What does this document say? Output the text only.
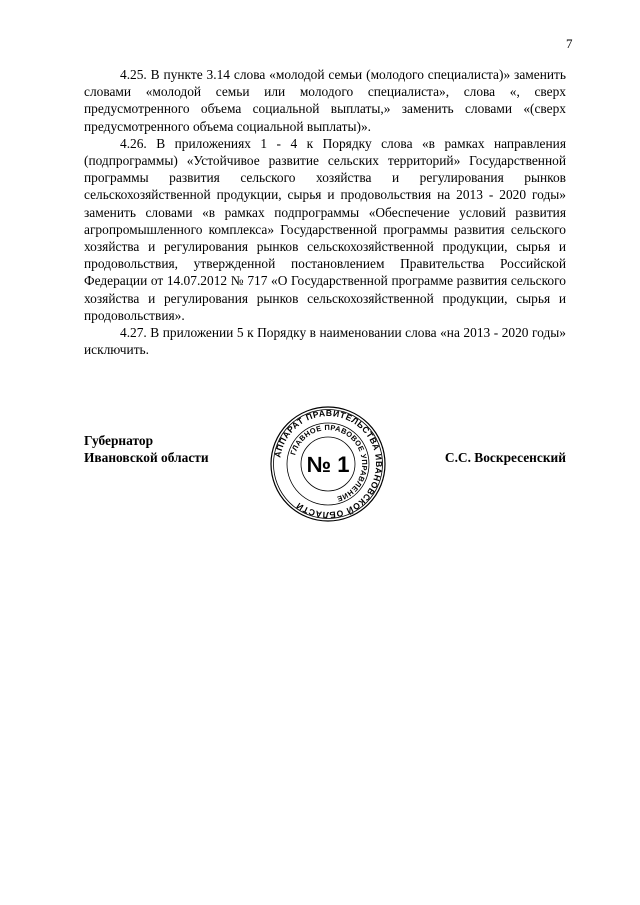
7

4.25. В пункте 3.14 слова «молодой семьи (молодого специалиста)» заменить словами «молодой семьи или молодого специалиста», слова «, сверх предусмотренного объема социальной выплаты,» заменить словами «(сверх предусмотренного объема социальной выплаты)».

4.26. В приложениях 1 - 4 к Порядку слова «в рамках направления (подпрограммы) «Устойчивое развитие сельских территорий» Государственной программы развития сельского хозяйства и регулирования рынков сельскохозяйственной продукции, сырья и продовольствия на 2013 - 2020 годы» заменить словами «в рамках подпрограммы «Обеспечение условий развития агропромышленного комплекса» Государственной программы развития сельского хозяйства и регулирования рынков сельскохозяйственной продукции, сырья и продовольствия, утвержденной постановлением Правительства Российской Федерации от 14.07.2012 № 717 «О Государственной программе развития сельского хозяйства и регулирования рынков сельскохозяйственной продукции, сырья и продовольствия».

4.27. В приложении 5 к Порядку в наименовании слова «на 2013 - 2020 годы» исключить.

Губернатор
Ивановской области	АППАРАТ ПРАВИТЕЛЬСТВА ИВАНОВСКОЙ ОБЛАСТИ
ГЛАВНОЕ ПРАВОВОЕ УПРАВЛЕНИЕ
№ 1	С.С. Воскресенский
